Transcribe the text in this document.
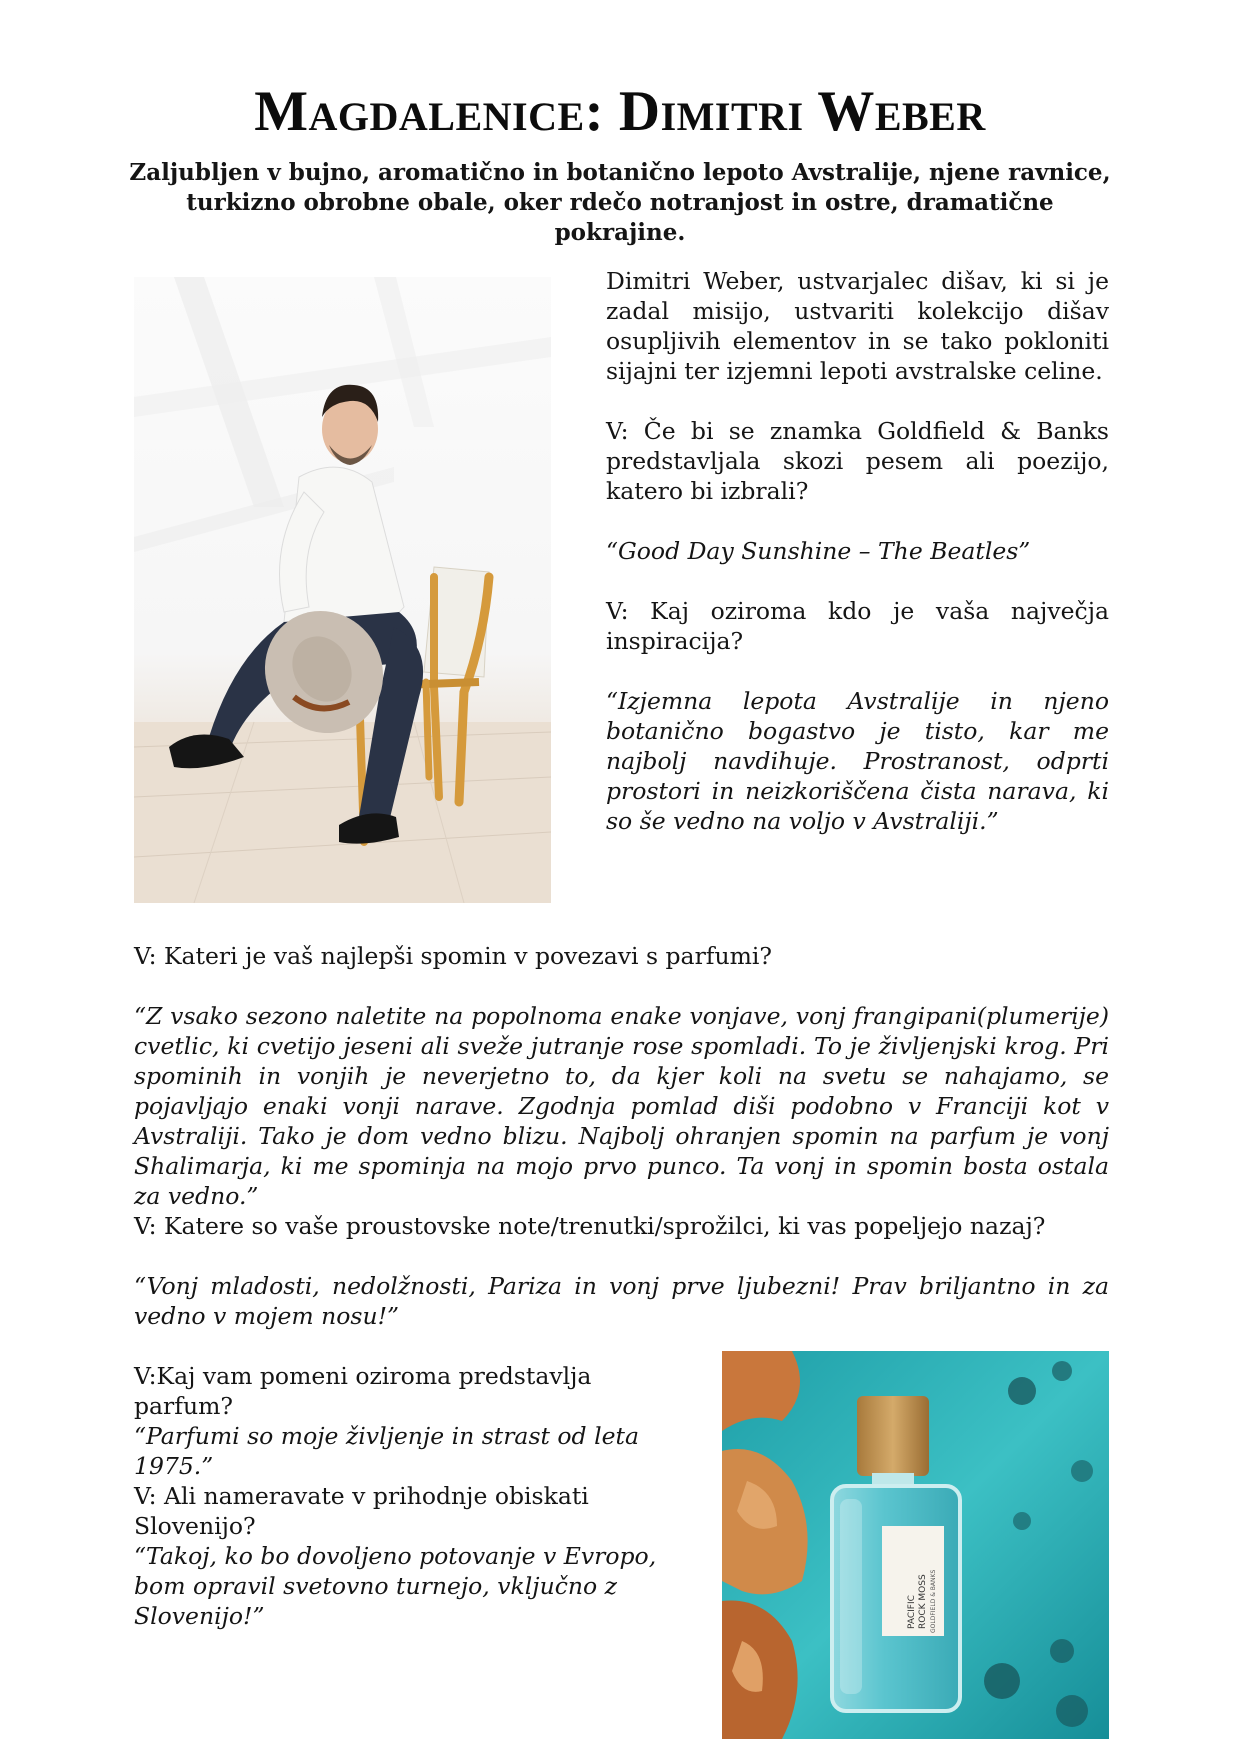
Magdalenice: Dimitri Weber

Zaljubljen v bujno, aromatično in botanično lepoto Avstralije, njene ravnice, turkizno obrobne obale, oker rdečo notranjost in ostre, dramatične pokrajine.

Dimitri Weber, ustvarjalec dišav, ki si je zadal misijo, ustvariti kolekcijo dišav osupljivih elementov in se tako pokloniti sijajni ter izjemni lepoti avstralske celine.

V: Če bi se znamka Goldfield & Banks predstavljala skozi pesem ali poezijo, katero bi izbrali?

“Good Day Sunshine – The Beatles”

V: Kaj oziroma kdo je vaša največja inspiracija?

“Izjemna lepota Avstralije in njeno botanično bogastvo je tisto, kar me najbolj navdihuje. Prostranost, odprti prostori in neizkoriščena čista narava, ki so še vedno na voljo v Avstraliji.”

V: Kateri je vaš najlepši spomin v povezavi s parfumi?

“Z vsako sezono naletite na popolnoma enake vonjave, vonj frangipani(plumerije) cvetlic, ki cvetijo jeseni ali sveže jutranje rose spomladi. To je življenjski krog. Pri spominih in vonjih je neverjetno to, da kjer koli na svetu se nahajamo, se pojavljajo enaki vonji narave. Zgodnja pomlad diši podobno v Franciji kot v Avstraliji. Tako je dom vedno blizu. Najbolj ohranjen spomin na parfum je vonj Shalimarja, ki me spominja na mojo prvo punco. Ta vonj in spomin bosta ostala za vedno.”

V: Katere so vaše proustovske note/trenutki/sprožilci, ki vas popeljejo nazaj?

“Vonj mladosti, nedolžnosti, Pariza in vonj prve ljubezni! Prav briljantno in za vedno v mojem nosu!”

V:Kaj vam pomeni oziroma predstavlja parfum?

“Parfumi so moje življenje in strast od leta 1975.”

V: Ali nameravate v prihodnje obiskati Slovenijo?

“Takoj, ko bo dovoljeno potovanje v Evropo,

bom opravil svetovno turnejo, vključno z Slovenijo!”	PACIFIC ROCK MOSS GOLDFIELD & BANKS
